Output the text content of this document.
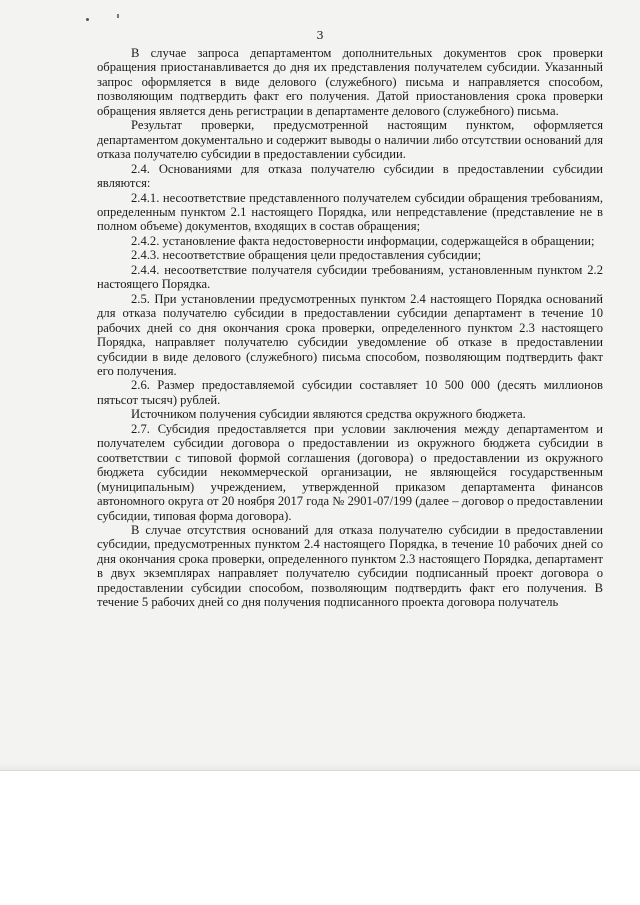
3

В случае запроса департаментом дополнительных документов срок проверки обращения приостанавливается до дня их представления получателем субсидии. Указанный запрос оформляется в виде делового (служебного) письма и направляется способом, позволяющим подтвердить факт его получения. Датой приостановления срока проверки обращения является день регистрации в департаменте делового (служебного) письма.

Результат проверки, предусмотренной настоящим пунктом, оформляется департаментом документально и содержит выводы о наличии либо отсутствии оснований для отказа получателю субсидии в предоставлении субсидии.

2.4. Основаниями для отказа получателю субсидии в предоставлении субсидии являются:

2.4.1. несоответствие представленного получателем субсидии обращения требованиям, определенным пунктом 2.1 настоящего Порядка, или непредставление (представление не в полном объеме) документов, входящих в состав обращения;

2.4.2. установление факта недостоверности информации, содержащейся в обращении;

2.4.3. несоответствие обращения цели предоставления субсидии;

2.4.4. несоответствие получателя субсидии требованиям, установленным пунктом 2.2 настоящего Порядка.

2.5. При установлении предусмотренных пунктом 2.4 настоящего Порядка оснований для отказа получателю субсидии в предоставлении субсидии департамент в течение 10 рабочих дней со дня окончания срока проверки, определенного пунктом 2.3 настоящего Порядка, направляет получателю субсидии уведомление об отказе в предоставлении субсидии в виде делового (служебного) письма способом, позволяющим подтвердить факт его получения.

2.6. Размер предоставляемой субсидии составляет 10 500 000 (десять миллионов пятьсот тысяч) рублей.

Источником получения субсидии являются средства окружного бюджета.

2.7. Субсидия предоставляется при условии заключения между департаментом и получателем субсидии договора о предоставлении из окружного бюджета субсидии в соответствии с типовой формой соглашения (договора) о предоставлении из окружного бюджета субсидии некоммерческой организации, не являющейся государственным (муниципальным) учреждением, утвержденной приказом департамента финансов автономного округа от 20 ноября 2017 года № 2901-07/199 (далее – договор о предоставлении субсидии, типовая форма договора).

В случае отсутствия оснований для отказа получателю субсидии в предоставлении субсидии, предусмотренных пунктом 2.4 настоящего Порядка, в течение 10 рабочих дней со дня окончания срока проверки, определенного пунктом 2.3 настоящего Порядка, департамент в двух экземплярах направляет получателю субсидии подписанный проект договора о предоставлении субсидии способом, позволяющим подтвердить факт его получения. В течение 5 рабочих дней со дня получения подписанного проекта договора получатель
